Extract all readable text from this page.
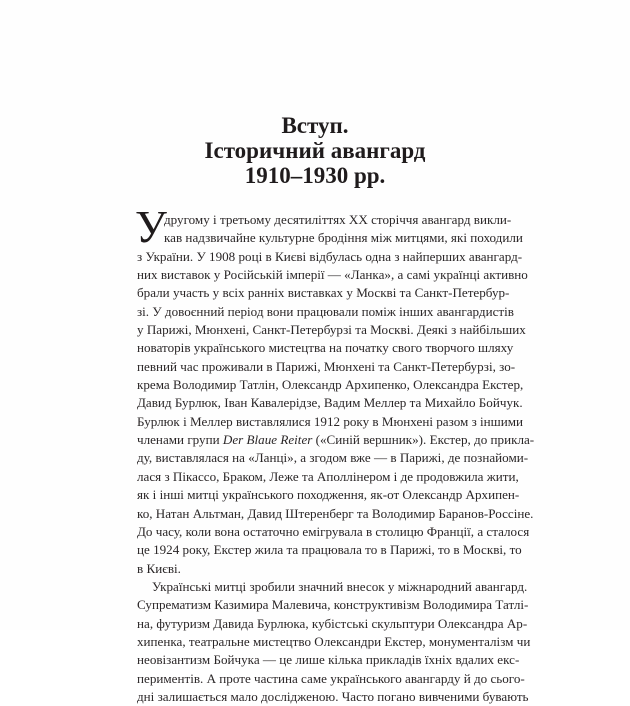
Вступ.
Історичний авангард
1910–1930 рр.
У
другому і третьому десятиліттях XX сторіччя авангард викли-
кав надзвичайне культурне бродіння між митцями, які походили
з України. У 1908 році в Києві відбулась одна з найперших авангард-
них виставок у Російській імперії — «Ланка», а самі українці активно
брали участь у всіх ранніх виставках у Москві та Санкт-Петербур-
зі. У довоєнний період вони працювали поміж інших авангардистів
у Парижі, Мюнхені, Санкт-Петербурзі та Москві. Деякі з найбільших
новаторів українського мистецтва на початку свого творчого шляху
певний час проживали в Парижі, Мюнхені та Санкт-Петербурзі, зо-
крема Володимир Татлін, Олександр Архипенко, Олександра Екстер,
Давид Бурлюк, Іван Кавалерідзе, Вадим Меллер та Михайло Бойчук.
Бурлюк і Меллер виставлялися 1912 року в Мюнхені разом з іншими
членами групи Der Blaue Reiter («Синій вершник»). Екстер, до прикла-
ду, виставлялася на «Ланці», а згодом вже — в Парижі, де познайоми-
лася з Пікассо, Браком, Леже та Аполлінером і де продовжила жити,
як і інші митці українського походження, як-от Олександр Архипен-
ко, Натан Альтман, Давид Штеренберг та Володимир Баранов-Россіне.
До часу, коли вона остаточно емігрувала в столицю Франції, а сталося
це 1924 року, Екстер жила та працювала то в Парижі, то в Москві, то
в Києві.
Українські митці зробили значний внесок у міжнародний авангард.
Супрематизм Казимира Малевича, конструктивізм Володимира Татлі-
на, футуризм Давида Бурлюка, кубістські скульптури Олександра Ар-
хипенка, театральне мистецтво Олександри Екстер, монументалізм чи
неовізантизм Бойчука — це лише кілька прикладів їхніх вдалих екс-
периментів. А проте частина саме українського авангарду й до сього-
дні залишається мало дослідженою. Часто погано вивченими бувають
